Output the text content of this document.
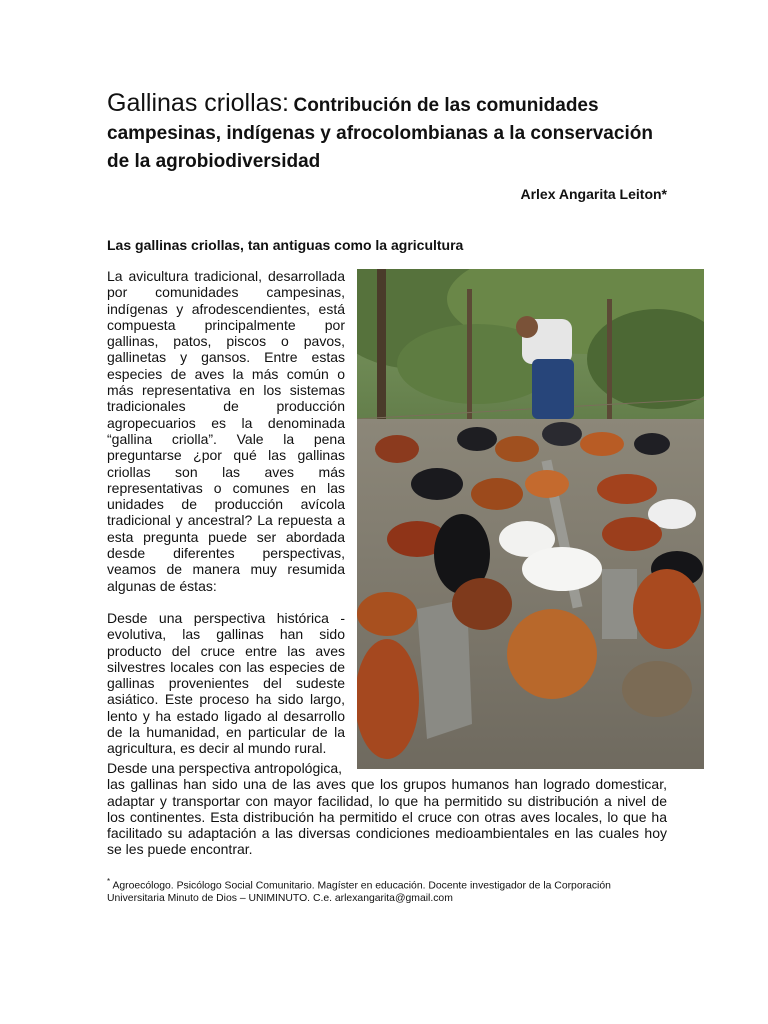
Gallinas criollas: Contribución de las comunidades campesinas, indígenas y afrocolombianas a la conservación de la agrobiodiversidad
Arlex Angarita Leiton*
Las gallinas criollas, tan antiguas como la agricultura

La avicultura tradicional, desarrollada por comunidades campesinas, indígenas y afrodescendientes, está compuesta principalmente por gallinas, patos, piscos o pavos, gallinetas y gansos. Entre estas especies de aves la más común o más representativa en los sistemas tradicionales de producción agropecuarios es la denominada “gallina criolla”. Vale la pena preguntarse ¿por qué las gallinas criollas son las aves más representativas o comunes en las unidades de producción avícola tradicional y ancestral? La repuesta a esta pregunta puede ser abordada desde diferentes perspectivas, veamos de manera muy resumida algunas de éstas:

Desde una perspectiva histórica - evolutiva, las gallinas han sido producto del cruce entre las aves silvestres locales con las especies de gallinas provenientes del sudeste asiático. Este proceso ha sido largo, lento y ha estado ligado al desarrollo de la humanidad, en particular de la agricultura, es decir al mundo rural.

Desde una perspectiva antropológica,
las gallinas han sido una de las aves que los grupos humanos han logrado domesticar, adaptar y transportar con mayor facilidad, lo que ha permitido su distribución a nivel de los continentes. Esta distribución ha permitido el cruce con otras aves locales, lo que ha facilitado su adaptación a las diversas condiciones medioambientales en las cuales hoy se les puede encontrar.
* Agroecólogo. Psicólogo Social Comunitario. Magíster en educación. Docente investigador de la Corporación Universitaria Minuto de Dios – UNIMINUTO. C.e. arlexangarita@gmail.com
